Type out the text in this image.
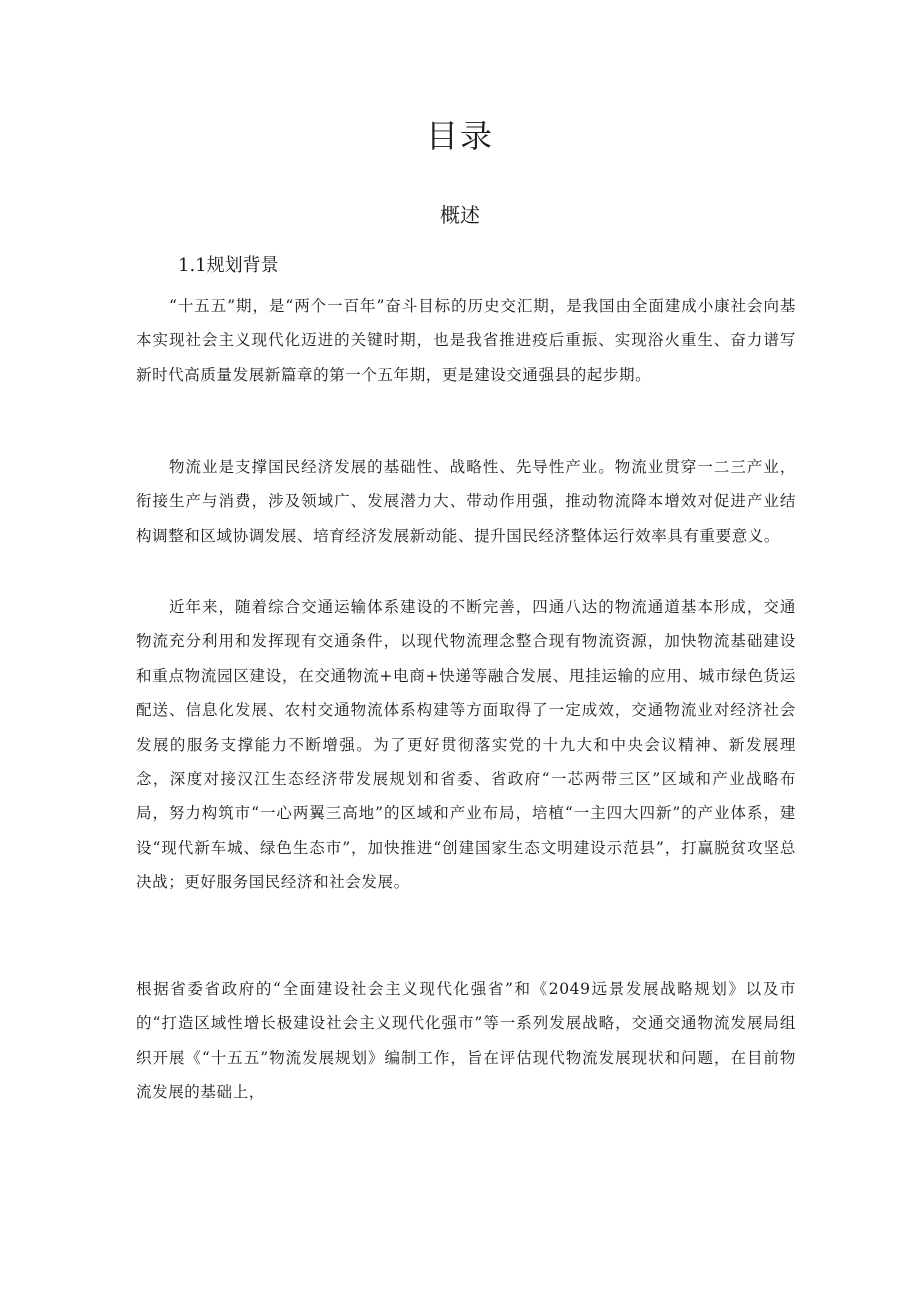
目录
概述
1.1规划背景

“十五五”期，是“两个一百年”奋斗目标的历史交汇期，是我国由全面建成小康社会向基本实现社会主义现代化迈进的关键时期，也是我省推进疫后重振、实现浴火重生、奋力谱写新时代高质量发展新篇章的第一个五年期，更是建设交通强县的起步期。

物流业是支撑国民经济发展的基础性、战略性、先导性产业。物流业贯穿一二三产业，衔接生产与消费，涉及领域广、发展潜力大、带动作用强，推动物流降本增效对促进产业结构调整和区域协调发展、培育经济发展新动能、提升国民经济整体运行效率具有重要意义。

近年来，随着综合交通运输体系建设的不断完善，四通八达的物流通道基本形成，交通物流充分利用和发挥现有交通条件，以现代物流理念整合现有物流资源，加快物流基础建设和重点物流园区建设，在交通物流+电商+快递等融合发展、甩挂运输的应用、城市绿色货运配送、信息化发展、农村交通物流体系构建等方面取得了一定成效，交通物流业对经济社会发展的服务支撑能力不断增强。为了更好贯彻落实党的十九大和中央会议精神、新发展理念，深度对接汉江生态经济带发展规划和省委、省政府“一芯两带三区”区域和产业战略布局，努力构筑市“一心两翼三高地”的区域和产业布局，培植“一主四大四新”的产业体系，建设“现代新车城、绿色生态市”，加快推进“创建国家生态文明建设示范县”，打赢脱贫攻坚总决战；更好服务国民经济和社会发展。

根据省委省政府的“全面建设社会主义现代化强省”和《2049远景发展战略规划》以及市的“打造区域性增长极建设社会主义现代化强市”等一系列发展战略，交通交通物流发展局组织开展《“十五五”物流发展规划》编制工作，旨在评估现代物流发展现状和问题，在目前物流发展的基础上，
